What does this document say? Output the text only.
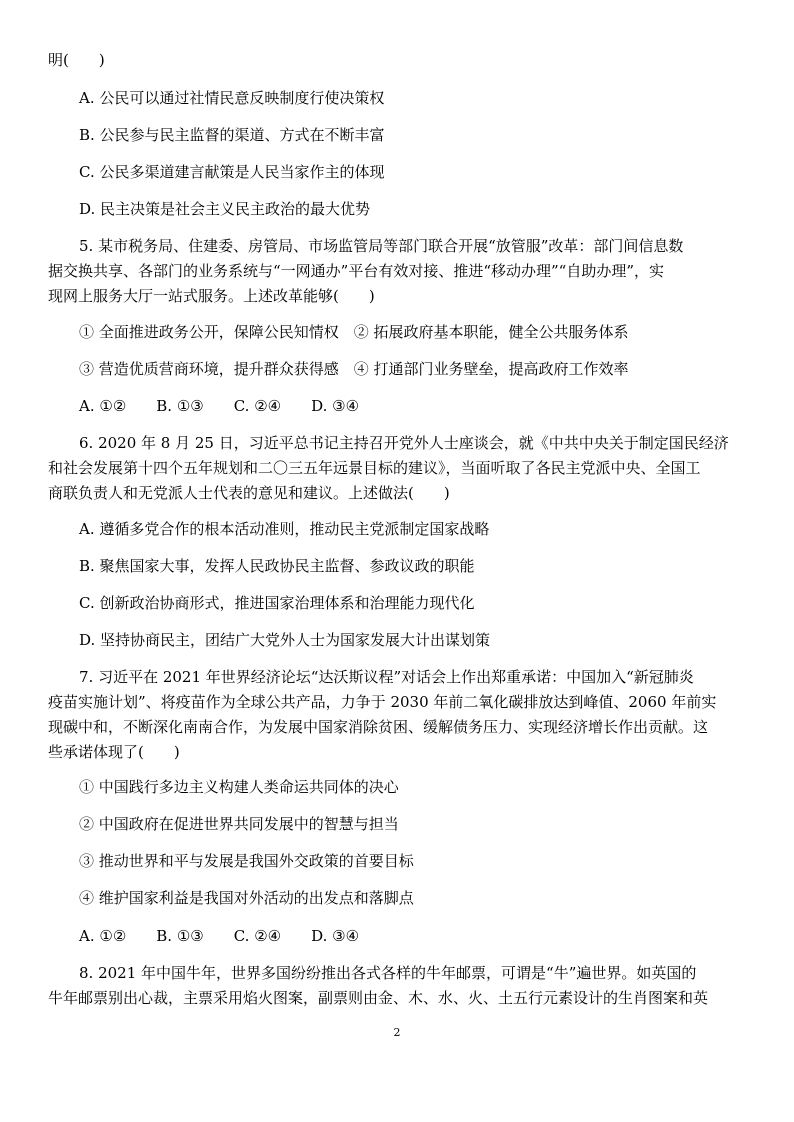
明(　　)
A. 公民可以通过社情民意反映制度行使决策权
B. 公民参与民主监督的渠道、方式在不断丰富
C. 公民多渠道建言献策是人民当家作主的体现
D. 民主决策是社会主义民主政治的最大优势
5. 某市税务局、住建委、房管局、市场监管局等部门联合开展“放管服”改革：部门间信息数
据交换共享、各部门的业务系统与“一网通办”平台有效对接、推进“移动办理”“自助办理”，实
现网上服务大厅一站式服务。上述改革能够(　　)
① 全面推进政务公开，保障公民知情权　② 拓展政府基本职能，健全公共服务体系
③ 营造优质营商环境，提升群众获得感　④ 打通部门业务壁垒，提高政府工作效率
A. ①②　　B. ①③　　C. ②④　　D. ③④
6. 2020 年 8 月 25 日，习近平总书记主持召开党外人士座谈会，就《中共中央关于制定国民经济
和社会发展第十四个五年规划和二〇三五年远景目标的建议》，当面听取了各民主党派中央、全国工
商联负责人和无党派人士代表的意见和建议。上述做法(　　)
A. 遵循多党合作的根本活动准则，推动民主党派制定国家战略
B. 聚焦国家大事，发挥人民政协民主监督、参政议政的职能
C. 创新政治协商形式，推进国家治理体系和治理能力现代化
D. 坚持协商民主，团结广大党外人士为国家发展大计出谋划策
7. 习近平在 2021 年世界经济论坛“达沃斯议程”对话会上作出郑重承诺：中国加入“新冠肺炎
疫苗实施计划”、将疫苗作为全球公共产品，力争于 2030 年前二氧化碳排放达到峰值、2060 年前实
现碳中和，不断深化南南合作，为发展中国家消除贫困、缓解债务压力、实现经济增长作出贡献。这
些承诺体现了(　　)
① 中国践行多边主义构建人类命运共同体的决心
② 中国政府在促进世界共同发展中的智慧与担当
③ 推动世界和平与发展是我国外交政策的首要目标
④ 维护国家利益是我国对外活动的出发点和落脚点
A. ①②　　B. ①③　　C. ②④　　D. ③④
8. 2021 年中国牛年，世界多国纷纷推出各式各样的牛年邮票，可谓是“牛”遍世界。如英国的
牛年邮票别出心裁，主票采用焰火图案，副票则由金、木、水、火、土五行元素设计的生肖图案和英
2
